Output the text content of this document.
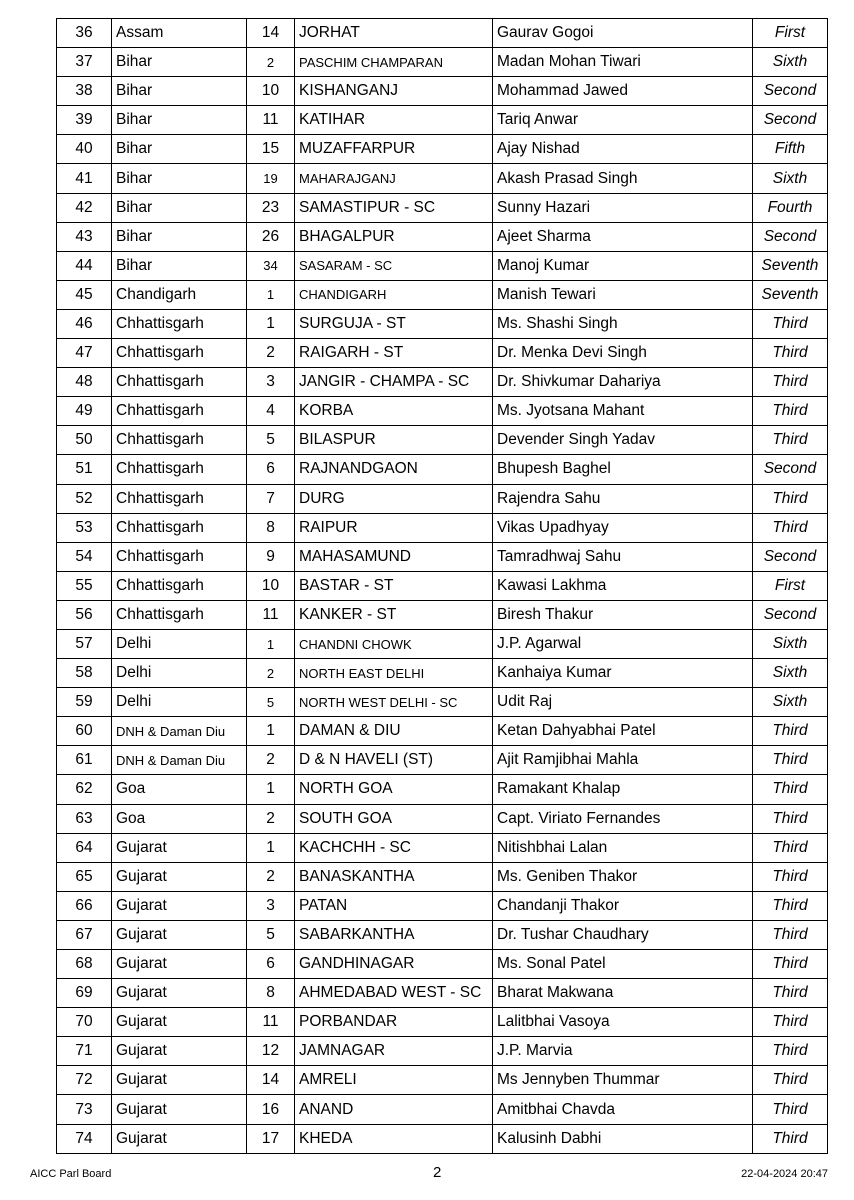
36	Assam	14	JORHAT	Gaurav Gogoi	First
37	Bihar	2	PASCHIM CHAMPARAN	Madan Mohan Tiwari	Sixth
38	Bihar	10	KISHANGANJ	Mohammad Jawed	Second
39	Bihar	11	KATIHAR	Tariq Anwar	Second
40	Bihar	15	MUZAFFARPUR	Ajay Nishad	Fifth
41	Bihar	19	MAHARAJGANJ	Akash Prasad Singh	Sixth
42	Bihar	23	SAMASTIPUR - SC	Sunny Hazari	Fourth
43	Bihar	26	BHAGALPUR	Ajeet Sharma	Second
44	Bihar	34	SASARAM - SC	Manoj Kumar	Seventh
45	Chandigarh	1	CHANDIGARH	Manish Tewari	Seventh
46	Chhattisgarh	1	SURGUJA - ST	Ms. Shashi Singh	Third
47	Chhattisgarh	2	RAIGARH - ST	Dr. Menka Devi Singh	Third
48	Chhattisgarh	3	JANGIR - CHAMPA - SC	Dr. Shivkumar Dahariya	Third
49	Chhattisgarh	4	KORBA	Ms. Jyotsana Mahant	Third
50	Chhattisgarh	5	BILASPUR	Devender Singh Yadav	Third
51	Chhattisgarh	6	RAJNANDGAON	Bhupesh Baghel	Second
52	Chhattisgarh	7	DURG	Rajendra Sahu	Third
53	Chhattisgarh	8	RAIPUR	Vikas Upadhyay	Third
54	Chhattisgarh	9	MAHASAMUND	Tamradhwaj Sahu	Second
55	Chhattisgarh	10	BASTAR - ST	Kawasi Lakhma	First
56	Chhattisgarh	11	KANKER - ST	Biresh Thakur	Second
57	Delhi	1	CHANDNI CHOWK	J.P. Agarwal	Sixth
58	Delhi	2	NORTH EAST DELHI	Kanhaiya Kumar	Sixth
59	Delhi	5	NORTH WEST DELHI - SC	Udit Raj	Sixth
60	DNH & Daman Diu	1	DAMAN & DIU	Ketan Dahyabhai Patel	Third
61	DNH & Daman Diu	2	D & N HAVELI (ST)	Ajit Ramjibhai Mahla	Third
62	Goa	1	NORTH GOA	Ramakant Khalap	Third
63	Goa	2	SOUTH GOA	Capt. Viriato Fernandes	Third
64	Gujarat	1	KACHCHH - SC	Nitishbhai Lalan	Third
65	Gujarat	2	BANASKANTHA	Ms. Geniben Thakor	Third
66	Gujarat	3	PATAN	Chandanji Thakor	Third
67	Gujarat	5	SABARKANTHA	Dr. Tushar Chaudhary	Third
68	Gujarat	6	GANDHINAGAR	Ms. Sonal Patel	Third
69	Gujarat	8	AHMEDABAD WEST - SC	Bharat Makwana	Third
70	Gujarat	11	PORBANDAR	Lalitbhai Vasoya	Third
71	Gujarat	12	JAMNAGAR	J.P. Marvia	Third
72	Gujarat	14	AMRELI	Ms Jennyben Thummar	Third
73	Gujarat	16	ANAND	Amitbhai Chavda	Third
74	Gujarat	17	KHEDA	Kalusinh Dabhi	Third
AICC Parl Board	2	22-04-2024 20:47
